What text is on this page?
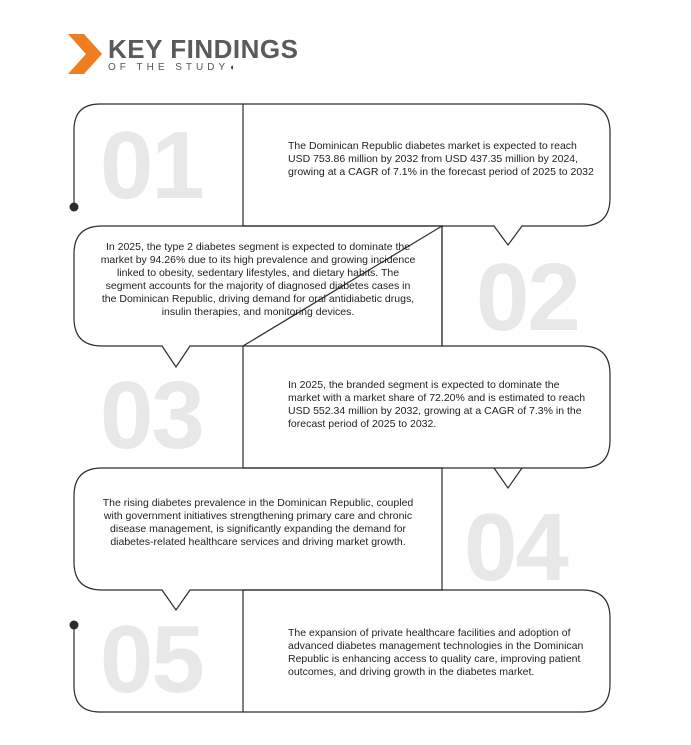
KEY FINDINGS
OF THE STUDY◖
01
02
03
04
05
The Dominican Republic diabetes market is expected to reach USD 753.86 million by 2032 from USD 437.35 million by 2024, growing at a CAGR of 7.1% in the forecast period of 2025 to 2032
In 2025, the type 2 diabetes segment is expected to dominate the market by 94.26% due to its high prevalence and growing incidence linked to obesity, sedentary lifestyles, and dietary habits. The segment accounts for the majority of diagnosed diabetes cases in the Dominican Republic, driving demand for oral antidiabetic drugs, insulin therapies, and monitoring devices.
In 2025, the branded segment is expected to dominate the market with a market share of 72.20% and is estimated to reach USD 552.34 million by 2032, growing at a CAGR of 7.3% in the forecast period of 2025 to 2032.
The rising diabetes prevalence in the Dominican Republic, coupled with government initiatives strengthening primary care and chronic disease management, is significantly expanding the demand for diabetes-related healthcare services and driving market growth.
The expansion of private healthcare facilities and adoption of advanced diabetes management technologies in the Dominican Republic is enhancing access to quality care, improving patient outcomes, and driving growth in the diabetes market.
